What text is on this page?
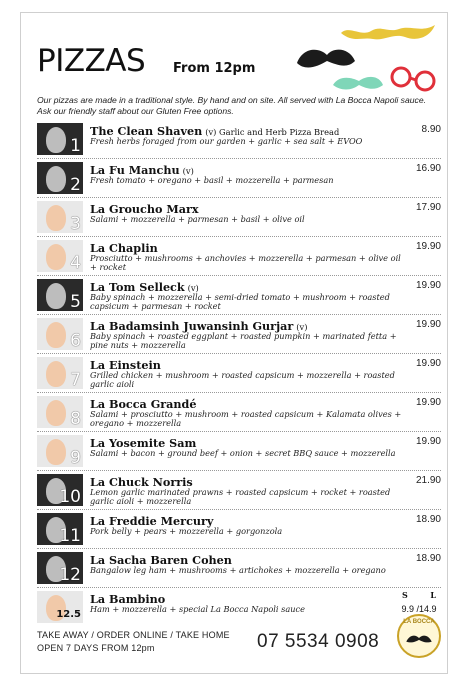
PIZZAS From 12pm
Our pizzas are made in a traditional style. By hand and on site. All served with La Bocca Napoli sauce.
Ask our friendly staff about our Gluten Free options.
1
The Clean Shaven (v) Garlic and Herb Pizza Bread
Fresh herbs foraged from our garden + garlic + sea salt + EVOO
8.90
2
La Fu Manchu (v)
Fresh tomato + oregano + basil + mozzerella + parmesan
16.90
3
La Groucho Marx
Salami + mozzerella + parmesan + basil + olive oil
17.90
4
La Chaplin
Prosciutto + mushrooms + anchovies + mozzerella + parmesan + olive oil + rocket
19.90
5
La Tom Selleck (v)
Baby spinach + mozzerella + semi-dried tomato + mushroom + roasted capsicum + parmesan + rocket
19.90
6
La Badamsinh Juwansinh Gurjar (v)
Baby spinach + roasted eggplant + roasted pumpkin + marinated fetta + pine nuts + mozzerella
19.90
7
La Einstein
Grilled chicken + mushroom + roasted capsicum + mozzerella + roasted garlic aioli
19.90
8
La Bocca Grandé
Salami + prosciutto + mushroom + roasted capsicum + Kalamata olives + oregano + mozzerella
19.90
9
La Yosemite Sam
Salami + bacon + ground beef + onion + secret BBQ sauce + mozzerella
19.90
10
La Chuck Norris
Lemon garlic marinated prawns + roasted capsicum + rocket + roasted garlic aioli + mozzerella
21.90
11
La Freddie Mercury
Pork belly + pears + mozzerella + gorgonzola
18.90
12
La Sacha Baren Cohen
Bangalow leg ham + mushrooms + artichokes + mozzerella + oregano
18.90
12.5
La Bambino
Ham + mozzerella + special La Bocca Napoli sauce
S	L
9.9 /14.9
TAKE AWAY / ORDER ONLINE / TAKE HOME
OPEN 7 DAYS FROM 12pm	07 5534 0908
LA BOCCA
